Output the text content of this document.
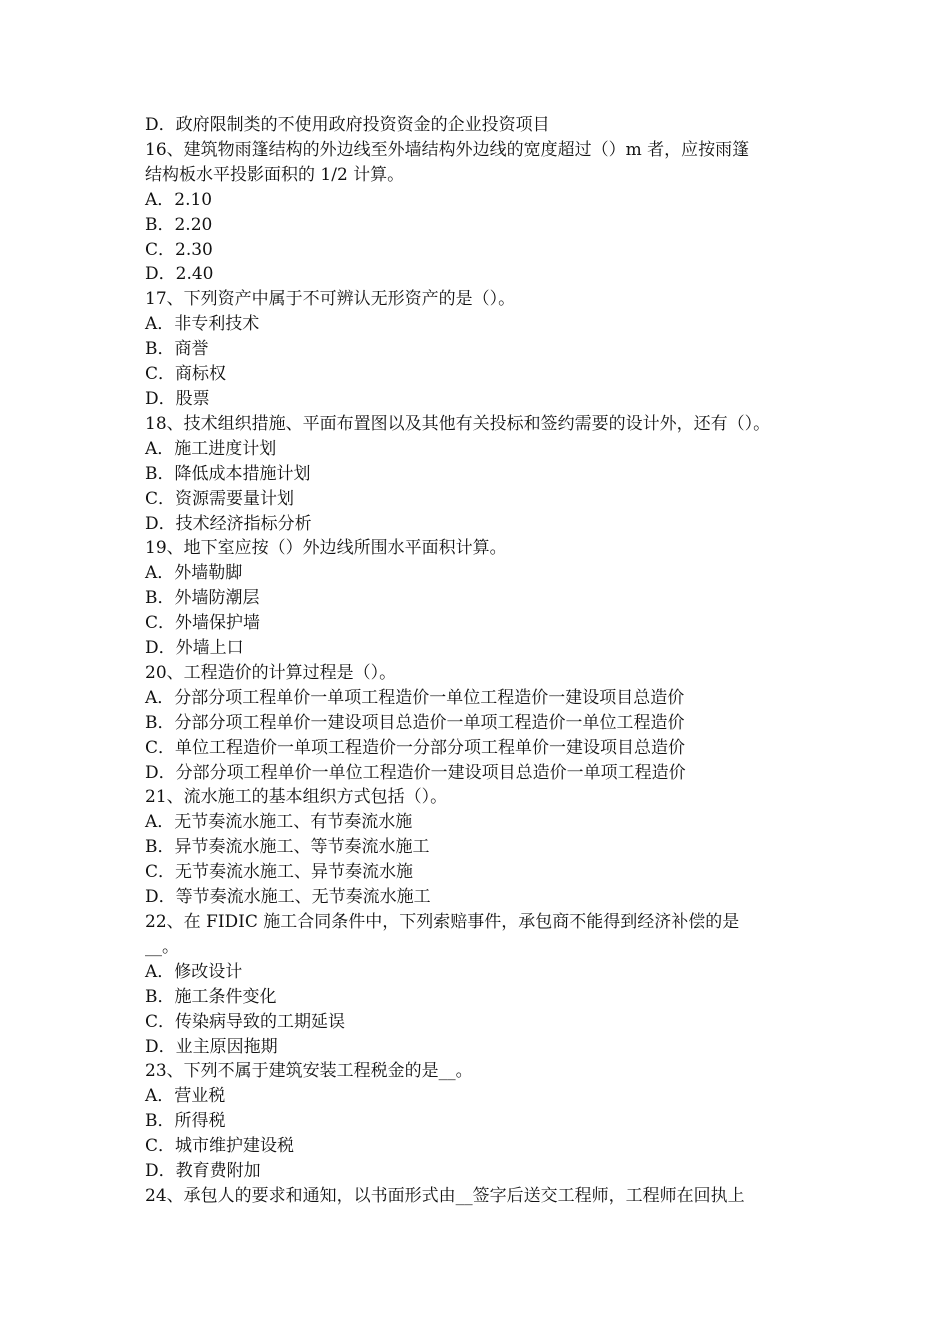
D．政府限制类的不使用政府投资资金的企业投资项目

16、建筑物雨篷结构的外边线至外墙结构外边线的宽度超过（）m 者，应按雨篷

结构板水平投影面积的 1/2 计算。

A．2.10

B．2.20

C．2.30

D．2.40

17、下列资产中属于不可辨认无形资产的是（）。

A．非专利技术

B．商誉

C．商标权

D．股票

18、技术组织措施、平面布置图以及其他有关投标和签约需要的设计外，还有（）。

A．施工进度计划

B．降低成本措施计划

C．资源需要量计划

D．技术经济指标分析

19、地下室应按（）外边线所围水平面积计算。

A．外墙勒脚

B．外墙防潮层

C．外墙保护墙

D．外墙上口

20、工程造价的计算过程是（）。

A．分部分项工程单价一单项工程造价一单位工程造价一建设项目总造价

B．分部分项工程单价一建设项目总造价一单项工程造价一单位工程造价

C．单位工程造价一单项工程造价一分部分项工程单价一建设项目总造价

D．分部分项工程单价一单位工程造价一建设项目总造价一单项工程造价

21、流水施工的基本组织方式包括（）。

A．无节奏流水施工、有节奏流水施

B．异节奏流水施工、等节奏流水施工

C．无节奏流水施工、异节奏流水施

D．等节奏流水施工、无节奏流水施工

22、在 FIDIC 施工合同条件中，下列索赔事件，承包商不能得到经济补偿的是

__。

A．修改设计

B．施工条件变化

C．传染病导致的工期延误

D．业主原因拖期

23、下列不属于建筑安装工程税金的是__。

A．营业税

B．所得税

C．城市维护建设税

D．教育费附加

24、承包人的要求和通知，以书面形式由__签字后送交工程师，工程师在回执上
